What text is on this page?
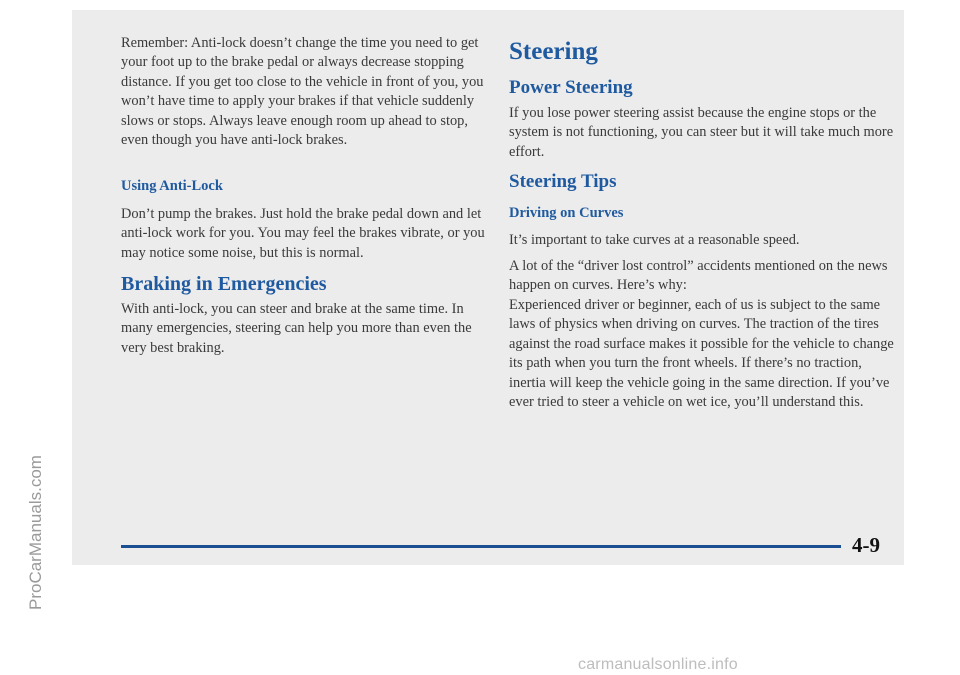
ProCarManuals.com

Remember: Anti-lock doesn’t change the time you need to get your foot up to the brake pedal or always decrease stopping distance. If you get too close to the vehicle in front of you, you won’t have time to apply your brakes if that vehicle suddenly slows or stops. Always leave enough room up ahead to stop, even though you have anti-lock brakes.

Using Anti-Lock

Don’t pump the brakes. Just hold the brake pedal down and let anti-lock work for you. You may feel the brakes vibrate, or you may notice some noise, but this is normal.

Braking in Emergencies

With anti-lock, you can steer and brake at the same time. In many emergencies, steering can help you more than even the very best braking.

Steering
Power Steering

If you lose power steering assist because the engine stops or the system is not functioning, you can steer but it will take much more effort.

Steering Tips
Driving on Curves

It’s important to take curves at a reasonable speed.

A lot of the “driver lost control” accidents mentioned on the news happen on curves. Here’s why:

Experienced driver or beginner, each of us is subject to the same laws of physics when driving on curves. The traction of the tires against the road surface makes it possible for the vehicle to change its path when you turn the front wheels. If there’s no traction, inertia will keep the vehicle going in the same direction. If you’ve ever tried to steer a vehicle on wet ice, you’ll understand this.

4-9
carmanualsonline.info
